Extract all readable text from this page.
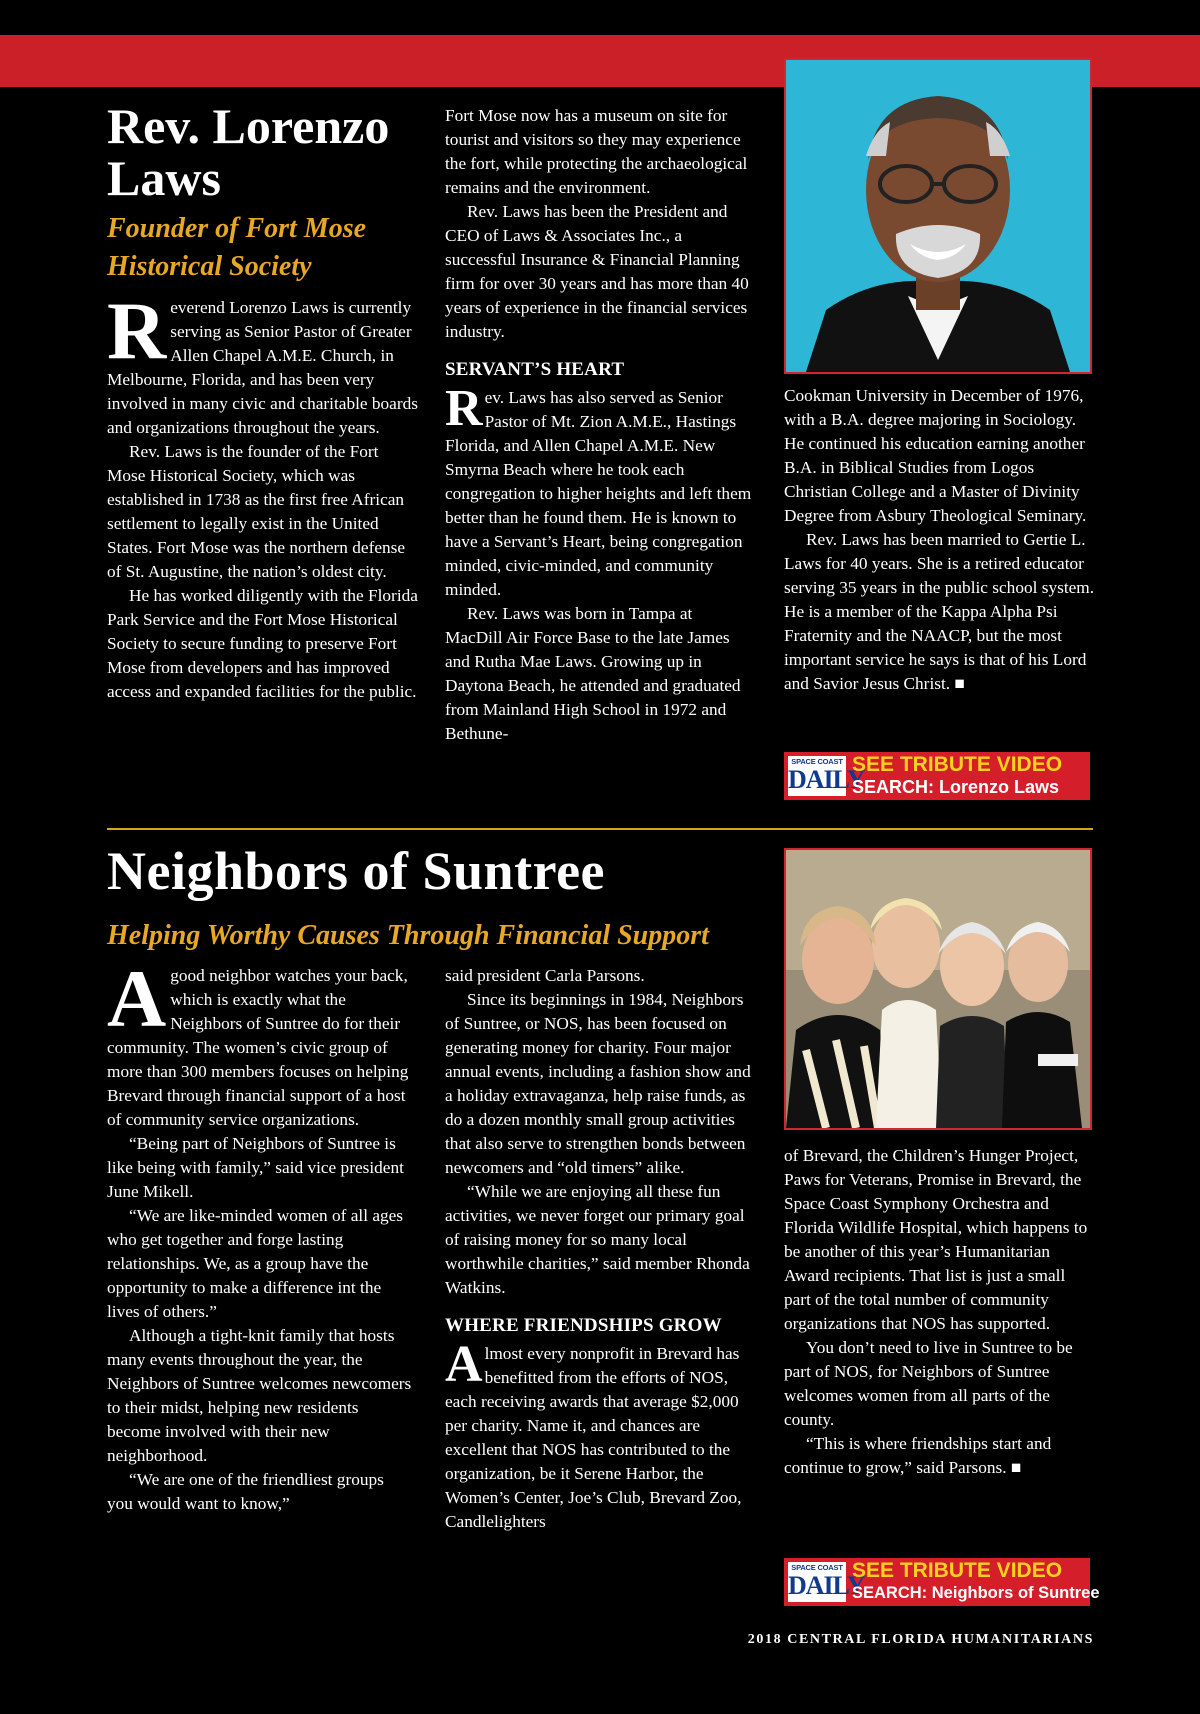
Rev. Lorenzo
Laws
Founder of Fort Mose
Historical Society

Reverend Lorenzo Laws is currently serving as Senior Pastor of Greater Allen Chapel A.M.E. Church, in Melbourne, Florida, and has been very involved in many civic and charitable boards and organizations throughout the years.

Rev. Laws is the founder of the Fort Mose Historical Society, which was established in 1738 as the first free African settlement to legally exist in the United States. Fort Mose was the northern defense of St. Augustine, the nation’s oldest city.

He has worked diligently with the Florida Park Service and the Fort Mose Historical Society to secure funding to preserve Fort Mose from developers and has improved access and expanded facilities for the public.

Fort Mose now has a museum on site for tourist and visitors so they may experience the fort, while protecting the archaeological remains and the environment.

Rev. Laws has been the President and CEO of Laws & Associates Inc., a successful Insurance & Financial Planning firm for over 30 years and has more than 40 years of experience in the financial services industry.

SERVANT’S HEART

Rev. Laws has also served as Senior Pastor of Mt. Zion A.M.E., Hastings Florida, and Allen Chapel A.M.E. New Smyrna Beach where he took each congregation to higher heights and left them better than he found them. He is known to have a Servant’s Heart, being congregation minded, civic-minded, and community minded.

Rev. Laws was born in Tampa at MacDill Air Force Base to the late James and Rutha Mae Laws. Growing up in Daytona Beach, he attended and graduated from Mainland High School in 1972 and Bethune-

Cookman University in December of 1976, with a B.A. degree majoring in Sociology. He continued his education earning another B.A. in Biblical Studies from Logos Christian College and a Master of Divinity Degree from Asbury Theological Seminary.

Rev. Laws has been married to Gertie L. Laws for 40 years. She is a retired educator serving 35 years in the public school system. He is a member of the Kappa Alpha Psi Fraternity and the NAACP, but the most important service he says is that of his Lord and Savior Jesus Christ. ■

SPACE COAST
DAILY
SEE TRIBUTE VIDEO
SEARCH: Lorenzo Laws
Neighbors of Suntree
Helping Worthy Causes Through Financial Support

Agood neighbor watches your back, which is exactly what the Neighbors of Suntree do for their community. The women’s civic group of more than 300 members focuses on helping Brevard through financial support of a host of community service organizations.

“Being part of Neighbors of Suntree is like being with family,” said vice president June Mikell.

“We are like-minded women of all ages who get together and forge lasting relationships. We, as a group have the opportunity to make a difference int the lives of others.”

Although a tight-knit family that hosts many events throughout the year, the Neighbors of Suntree welcomes newcomers to their midst, helping new residents become involved with their new neighborhood.

“We are one of the friendliest groups you would want to know,”

said president Carla Parsons.

Since its beginnings in 1984, Neighbors of Suntree, or NOS, has been focused on generating money for charity. Four major annual events, including a fashion show and a holiday extravaganza, help raise funds, as do a dozen monthly small group activities that also serve to strengthen bonds between newcomers and “old timers” alike.

“While we are enjoying all these fun activities, we never forget our primary goal of raising money for so many local worthwhile charities,” said member Rhonda Watkins.

WHERE FRIENDSHIPS GROW

Almost every nonprofit in Brevard has benefitted from the efforts of NOS, each receiving awards that average $2,000 per charity. Name it, and chances are excellent that NOS has contributed to the organization, be it Serene Harbor, the Women’s Center, Joe’s Club, Brevard Zoo, Candlelighters

of Brevard, the Children’s Hunger Project, Paws for Veterans, Promise in Brevard, the Space Coast Symphony Orchestra and Florida Wildlife Hospital, which happens to be another of this year’s Humanitarian Award recipients. That list is just a small part of the total number of community organizations that NOS has supported.

You don’t need to live in Suntree to be part of NOS, for Neighbors of Suntree welcomes women from all parts of the county.

“This is where friendships start and continue to grow,” said Parsons. ■

SPACE COAST
DAILY
SEE TRIBUTE VIDEO
SEARCH: Neighbors of Suntree
2018 CENTRAL FLORIDA HUMANITARIANS
